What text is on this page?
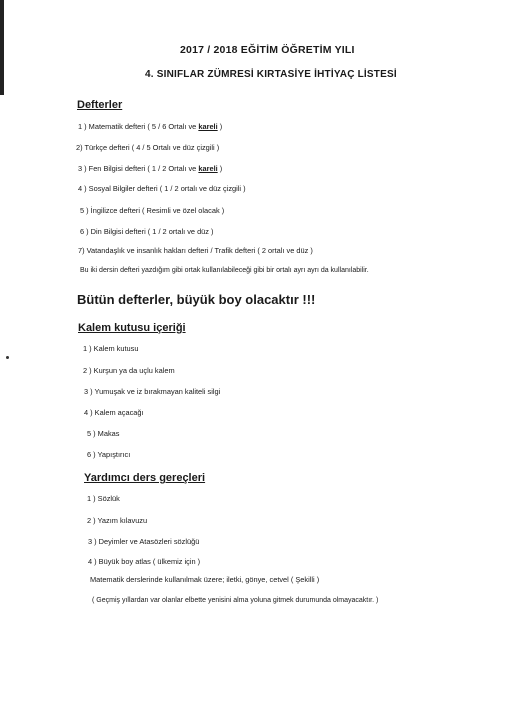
2017 / 2018 EĞİTİM ÖĞRETİM YILI
4. SINIFLAR ZÜMRESİ KIRTASİYE İHTİYAÇ LİSTESİ
Defterler
1 ) Matematik defteri ( 5 / 6 Ortalı ve kareli )
2) Türkçe defteri ( 4 / 5 Ortalı ve düz çizgili )
3 ) Fen Bilgisi defteri ( 1 / 2 Ortalı ve kareli )
4 ) Sosyal Bilgiler defteri ( 1 / 2 ortalı ve düz çizgili )
5 ) İngilizce defteri ( Resimli ve özel olacak )
6 ) Din Bilgisi defteri ( 1 / 2 ortalı ve düz )
7) Vatandaşlık ve insanlık hakları defteri / Trafik defteri ( 2 ortalı ve düz )
Bu iki dersin defteri yazdığım gibi ortak kullanılabileceği gibi bir ortalı ayrı ayrı da kullanılabilir.
Bütün defterler, büyük boy olacaktır !!!
Kalem kutusu içeriği
1 ) Kalem kutusu
2 ) Kurşun ya da uçlu kalem
3 ) Yumuşak ve iz bırakmayan kaliteli silgi
4 ) Kalem açacağı
5 ) Makas
6 ) Yapıştırıcı
Yardımcı ders gereçleri
1 ) Sözlük
2 ) Yazım kılavuzu
3 ) Deyimler ve Atasözleri sözlüğü
4 ) Büyük boy atlas ( ülkemiz için )
Matematik derslerinde kullanılmak üzere; iletki, gönye, cetvel ( Şekilli )
( Geçmiş yıllardan var olanlar elbette yenisini alma yoluna gitmek durumunda olmayacaktır. )
